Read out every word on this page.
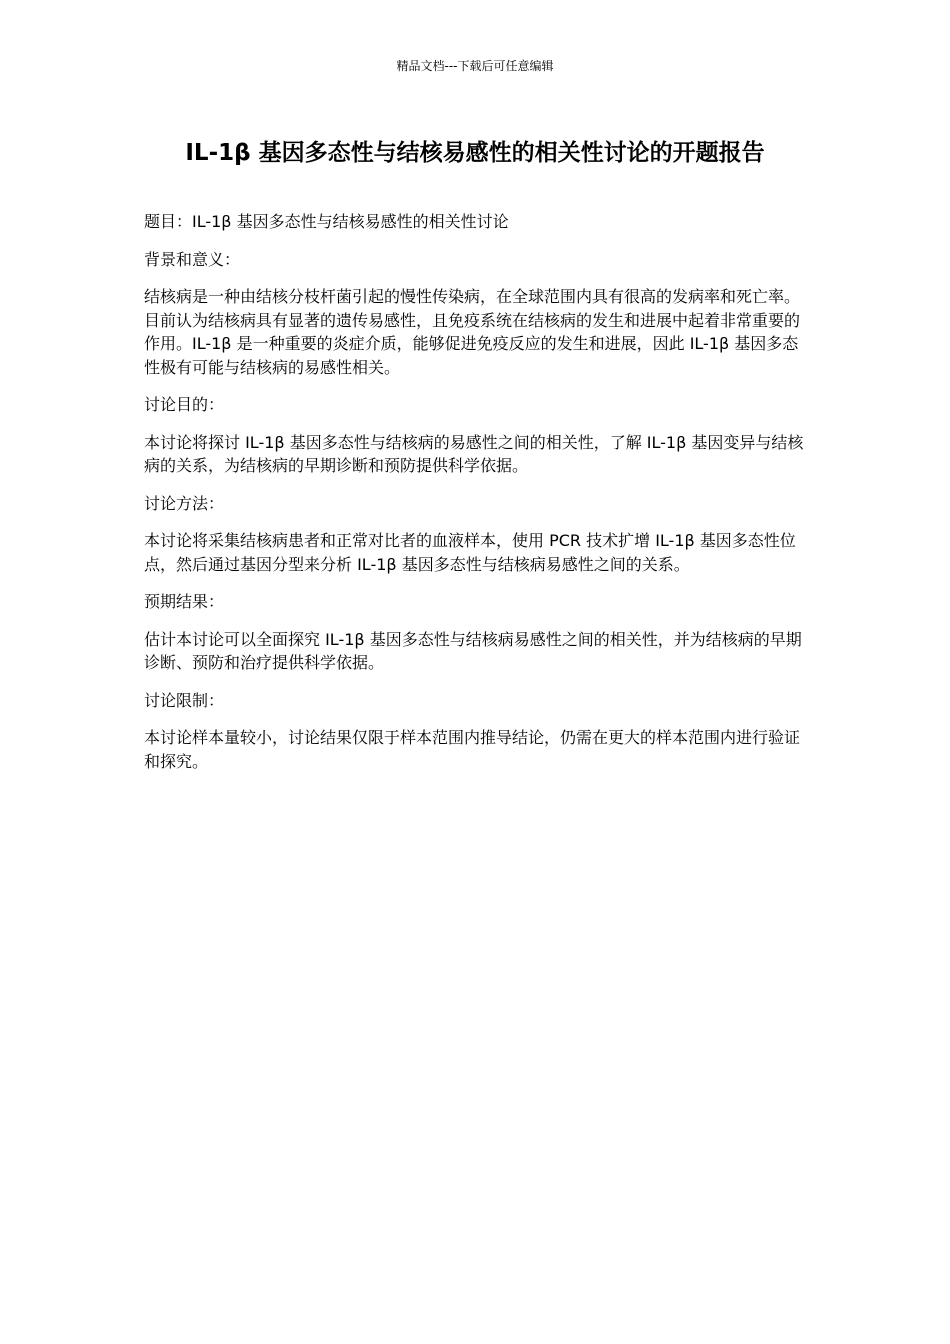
精品文档---下载后可任意编辑
IL-1β 基因多态性与结核易感性的相关性讨论的开题报告

题目：IL-1β 基因多态性与结核易感性的相关性讨论

背景和意义：

结核病是一种由结核分枝杆菌引起的慢性传染病，在全球范围内具有很高的发病率和死亡率。目前认为结核病具有显著的遗传易感性，且免疫系统在结核病的发生和进展中起着非常重要的作用。IL-1β 是一种重要的炎症介质，能够促进免疫反应的发生和进展，因此 IL-1β 基因多态性极有可能与结核病的易感性相关。

讨论目的：

本讨论将探讨 IL-1β 基因多态性与结核病的易感性之间的相关性，了解 IL-1β 基因变异与结核病的关系，为结核病的早期诊断和预防提供科学依据。

讨论方法：

本讨论将采集结核病患者和正常对比者的血液样本，使用 PCR 技术扩增 IL-1β 基因多态性位点，然后通过基因分型来分析 IL-1β 基因多态性与结核病易感性之间的关系。

预期结果：

估计本讨论可以全面探究 IL-1β 基因多态性与结核病易感性之间的相关性，并为结核病的早期诊断、预防和治疗提供科学依据。

讨论限制：

本讨论样本量较小，讨论结果仅限于样本范围内推导结论，仍需在更大的样本范围内进行验证和探究。
